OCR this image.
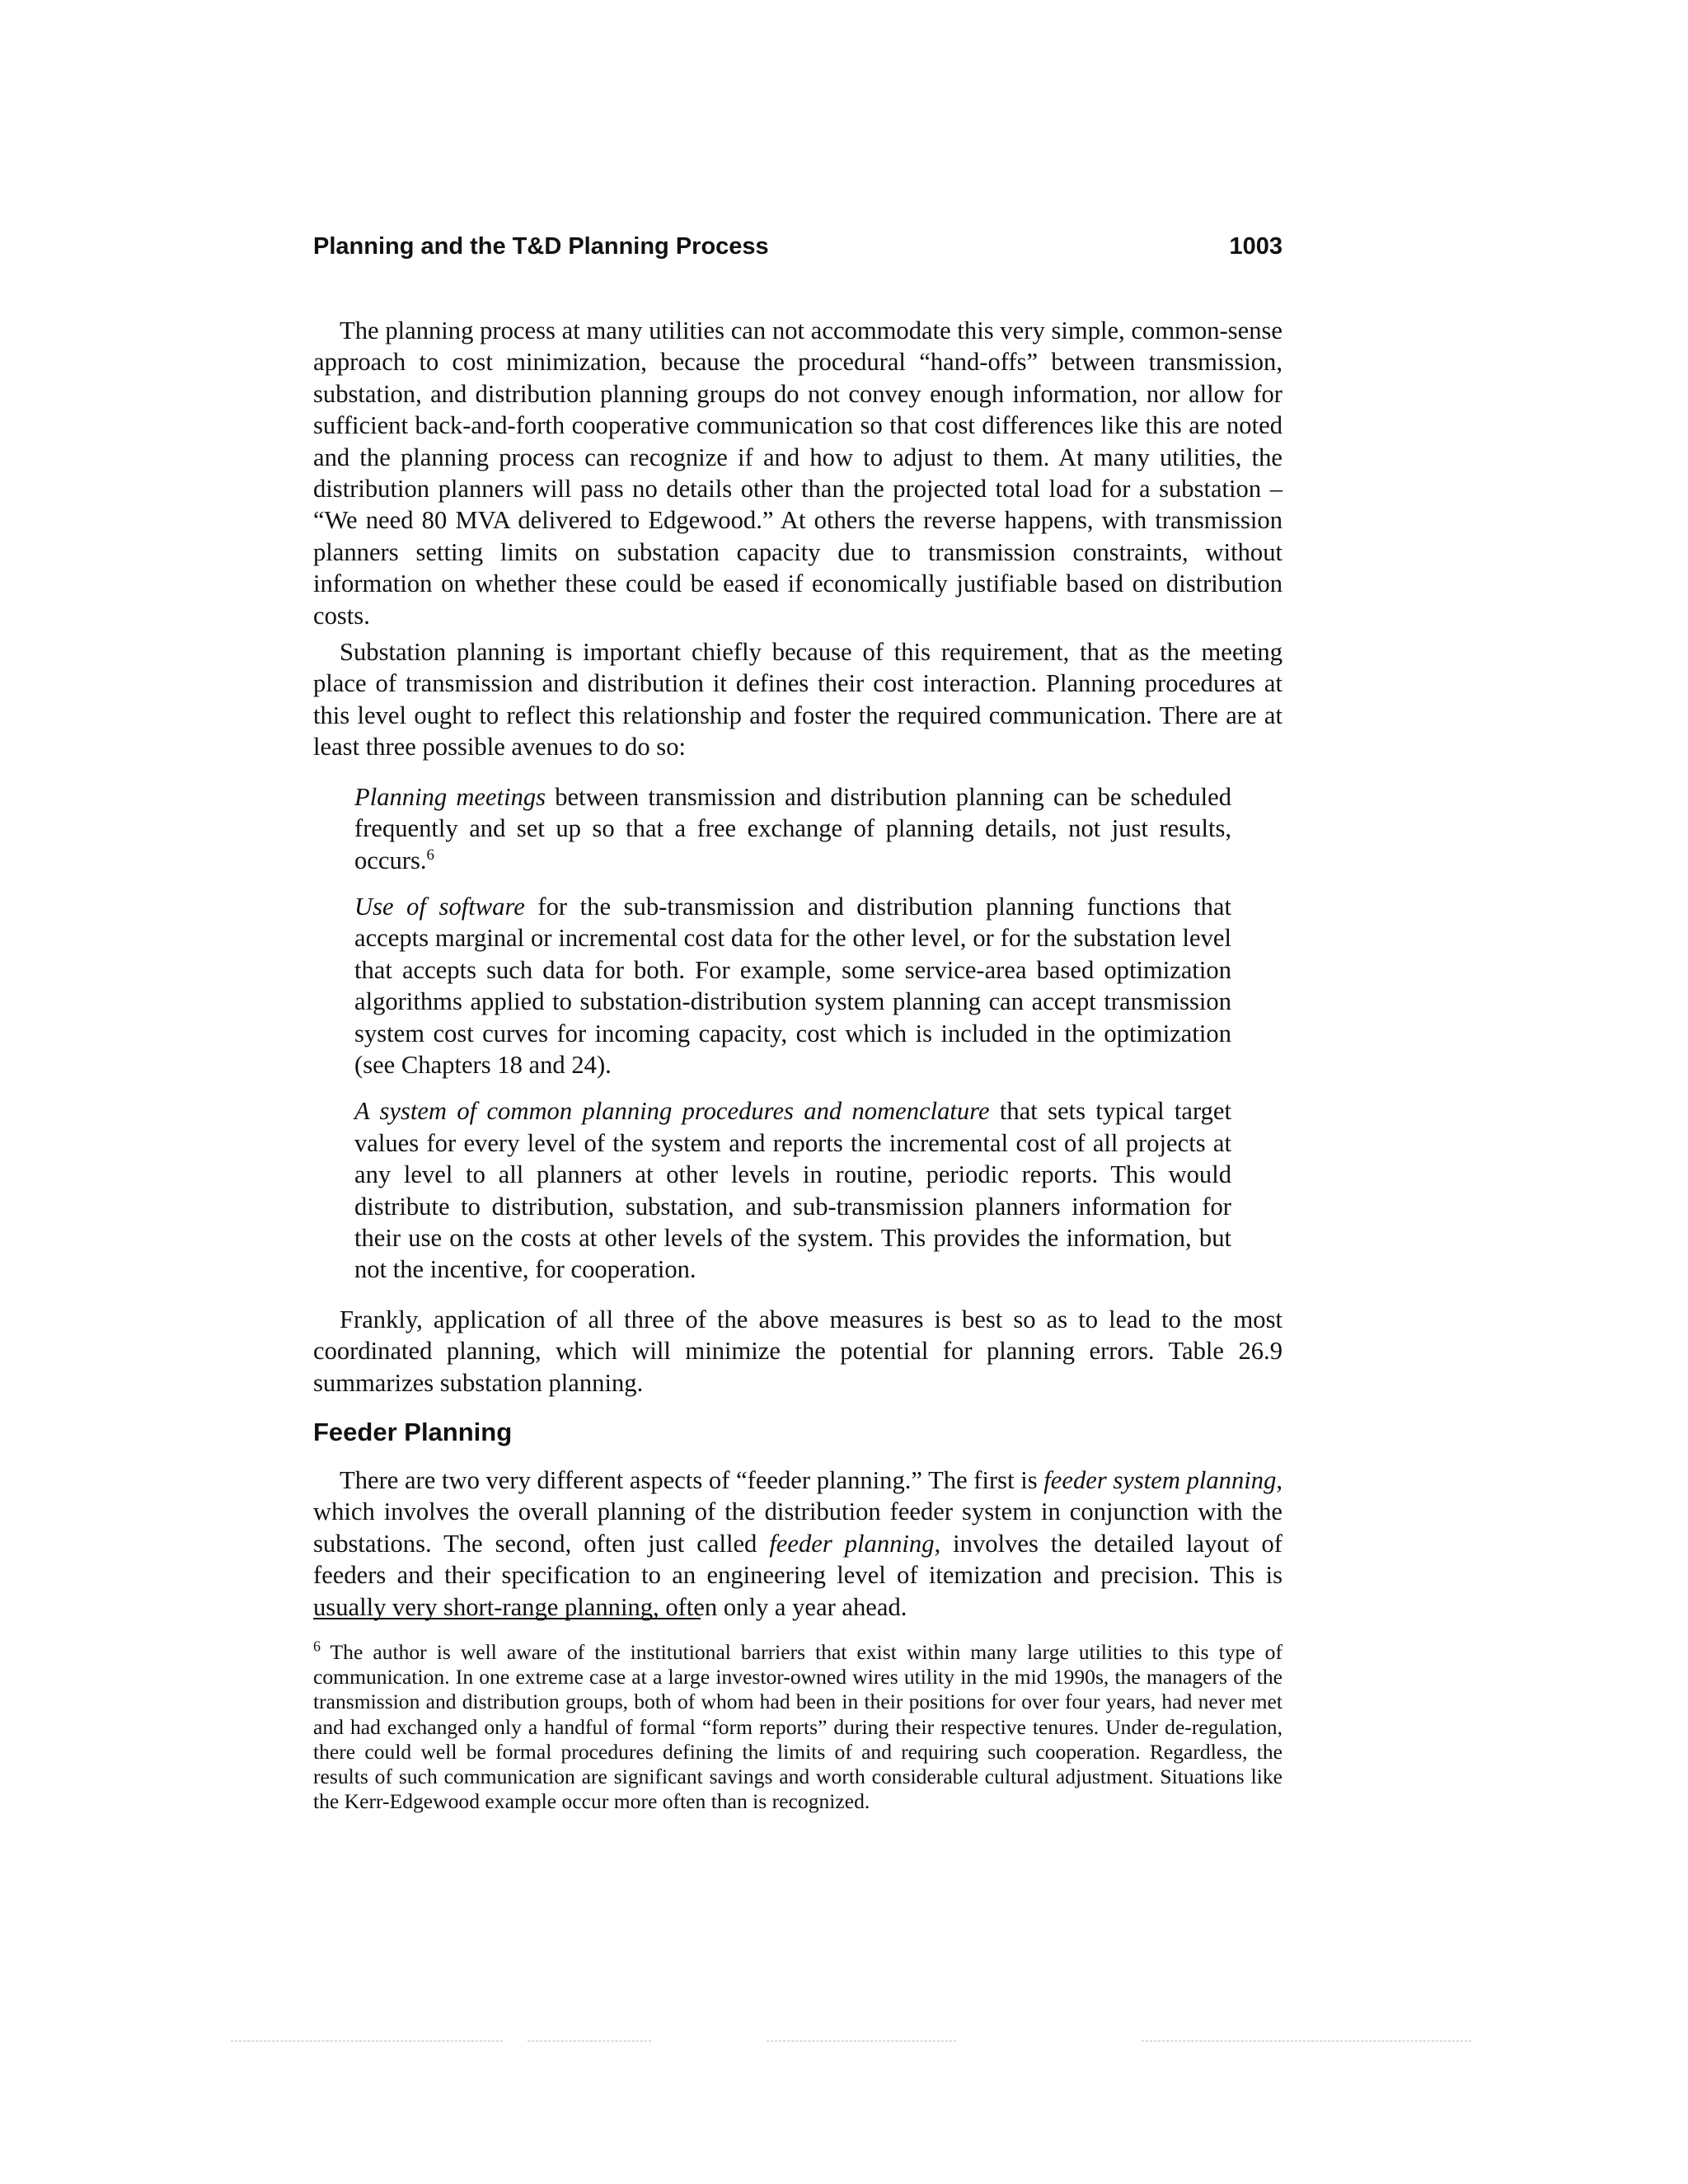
Planning and the T&D Planning Process	1003

The planning process at many utilities can not accommodate this very simple, common-sense approach to cost minimization, because the procedural “hand-offs” between transmission, substation, and distribution planning groups do not convey enough information, nor allow for sufficient back-and-forth cooperative communication so that cost differences like this are noted and the planning process can recognize if and how to adjust to them. At many utilities, the distribution planners will pass no details other than the projected total load for a substation – “We need 80 MVA delivered to Edgewood.” At others the reverse happens, with transmission planners setting limits on substation capacity due to transmission constraints, without information on whether these could be eased if economically justifiable based on distribution costs.

Substation planning is important chiefly because of this requirement, that as the meeting place of transmission and distribution it defines their cost interaction. Planning procedures at this level ought to reflect this relationship and foster the required communication. There are at least three possible avenues to do so:

Planning meetings between transmission and distribution planning can be scheduled frequently and set up so that a free exchange of planning details, not just results, occurs.$^6$

Use of software for the sub-transmission and distribution planning functions that accepts marginal or incremental cost data for the other level, or for the substation level that accepts such data for both. For example, some service-area based optimization algorithms applied to substation-distribution system planning can accept transmission system cost curves for incoming capacity, cost which is included in the optimization (see Chapters 18 and 24).

A system of common planning procedures and nomenclature that sets typical target values for every level of the system and reports the incremental cost of all projects at any level to all planners at other levels in routine, periodic reports. This would distribute to distribution, substation, and sub-transmission planners information for their use on the costs at other levels of the system. This provides the information, but not the incentive, for cooperation.

Frankly, application of all three of the above measures is best so as to lead to the most coordinated planning, which will minimize the potential for planning errors. Table 26.9 summarizes substation planning.

Feeder Planning

There are two very different aspects of “feeder planning.” The first is feeder system planning, which involves the overall planning of the distribution feeder system in conjunction with the substations. The second, often just called feeder planning, involves the detailed layout of feeders and their specification to an engineering level of itemization and precision. This is usually very short-range planning, often only a year ahead.

$^6$ The author is well aware of the institutional barriers that exist within many large utilities to this type of communication. In one extreme case at a large investor-owned wires utility in the mid 1990s, the managers of the transmission and distribution groups, both of whom had been in their positions for over four years, had never met and had exchanged only a handful of formal “form reports” during their respective tenures. Under de-regulation, there could well be formal procedures defining the limits of and requiring such cooperation. Regardless, the results of such communication are significant savings and worth considerable cultural adjustment. Situations like the Kerr-Edgewood example occur more often than is recognized.
